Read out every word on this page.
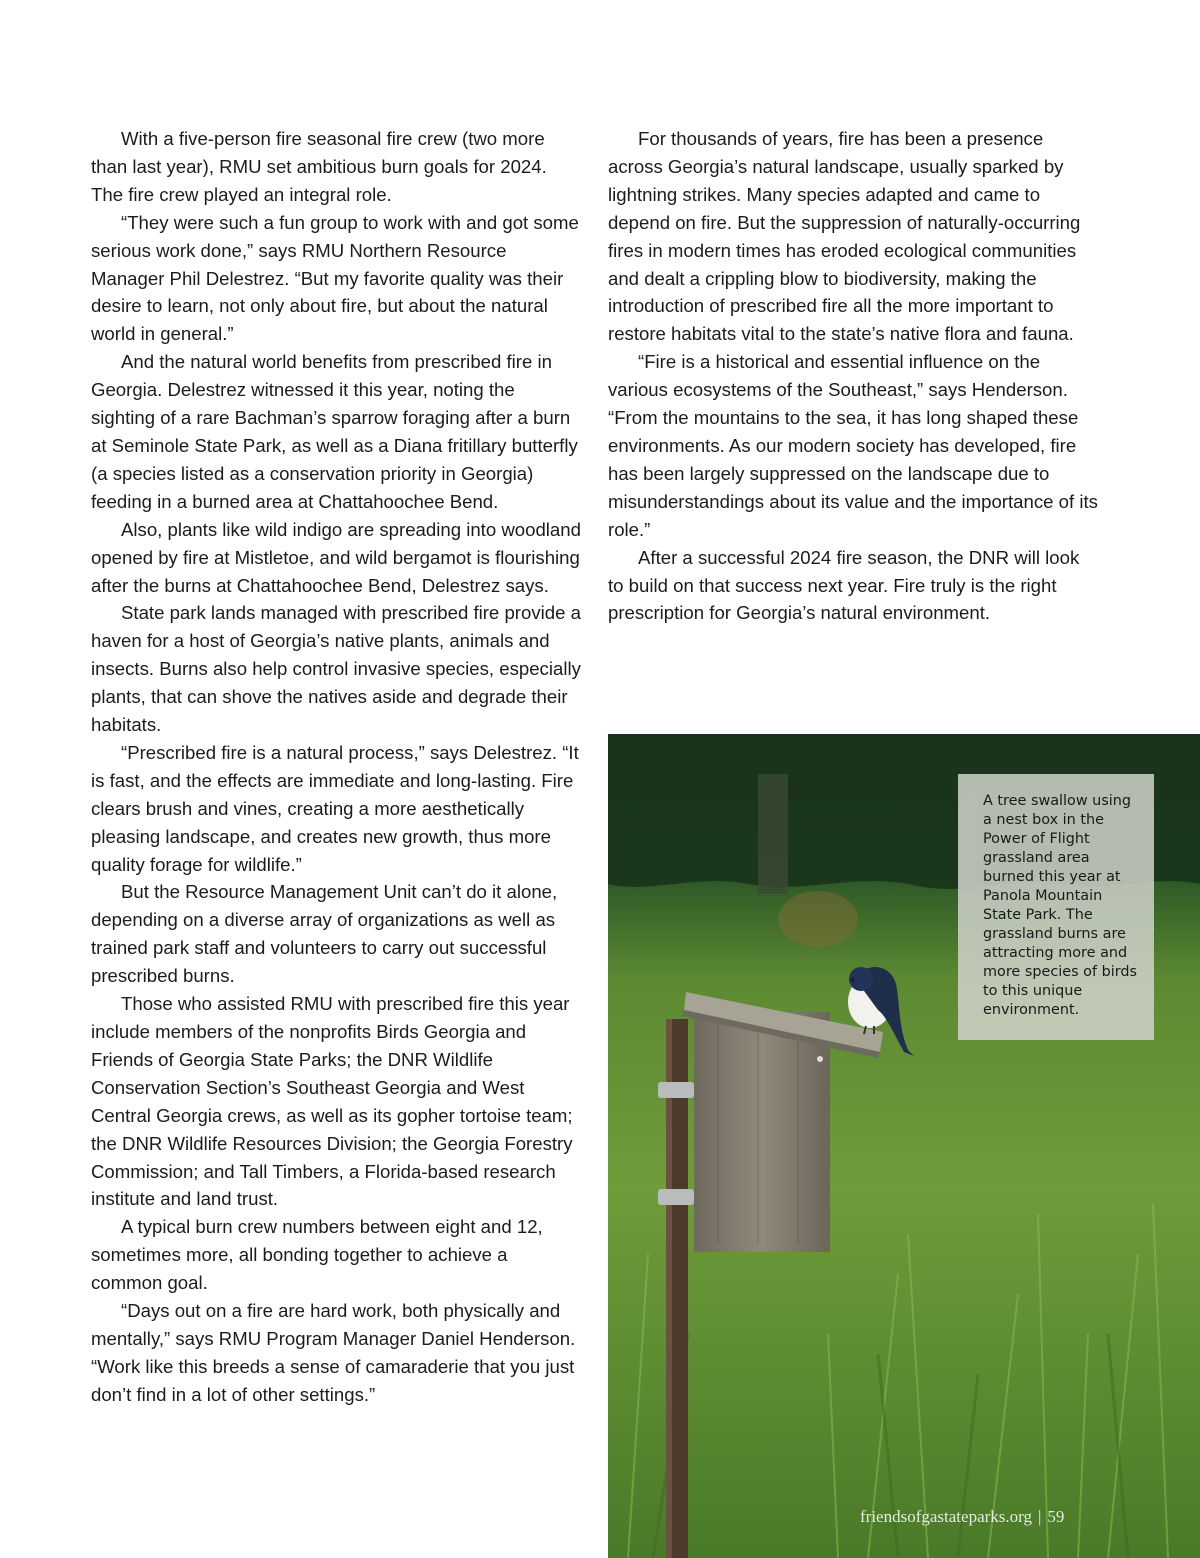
With a five-person fire seasonal fire crew (two more than last year), RMU set ambitious burn goals for 2024. The fire crew played an integral role.

“They were such a fun group to work with and got some serious work done,” says RMU Northern Resource Manager Phil Delestrez. “But my favorite quality was their desire to learn, not only about fire, but about the natural world in general.”

And the natural world benefits from prescribed fire in Georgia. Delestrez witnessed it this year, noting the sighting of a rare Bachman’s sparrow foraging after a burn at Seminole State Park, as well as a Diana fritillary butterfly (a species listed as a conservation priority in Georgia) feeding in a burned area at Chattahoochee Bend.

Also, plants like wild indigo are spreading into woodland opened by fire at Mistletoe, and wild bergamot is flourishing after the burns at Chattahoochee Bend, Delestrez says.

State park lands managed with prescribed fire provide a haven for a host of Georgia’s native plants, animals and insects. Burns also help control invasive species, especially plants, that can shove the natives aside and degrade their habitats.

“Prescribed fire is a natural process,” says Delestrez. “It is fast, and the effects are immediate and long-lasting. Fire clears brush and vines, creating a more aesthetically pleasing landscape, and creates new growth, thus more quality forage for wildlife.”

But the Resource Management Unit can’t do it alone, depending on a diverse array of organizations as well as trained park staff and volunteers to carry out successful prescribed burns.

Those who assisted RMU with prescribed fire this year include members of the nonprofits Birds Georgia and Friends of Georgia State Parks; the DNR Wildlife Conservation Section’s Southeast Georgia and West Central Georgia crews, as well as its gopher tortoise team; the DNR Wildlife Resources Division; the Georgia Forestry Commission; and Tall Timbers, a Florida-based research institute and land trust.

A typical burn crew numbers between eight and 12, sometimes more, all bonding together to achieve a common goal.

“Days out on a fire are hard work, both physically and mentally,” says RMU Program Manager Daniel Henderson. “Work like this breeds a sense of camaraderie that you just don’t find in a lot of other settings.”

For thousands of years, fire has been a presence across Georgia’s natural landscape, usually sparked by lightning strikes. Many species adapted and came to depend on fire. But the suppression of naturally-occurring fires in modern times has eroded ecological communities and dealt a crippling blow to biodiversity, making the introduction of prescribed fire all the more important to restore habitats vital to the state’s native flora and fauna.

“Fire is a historical and essential influence on the various ecosystems of the Southeast,” says Henderson. “From the mountains to the sea, it has long shaped these environments. As our modern society has developed, fire has been largely suppressed on the landscape due to misunderstandings about its value and the importance of its role.”

After a successful 2024 fire season, the DNR will look to build on that success next year. Fire truly is the right prescription for Georgia’s natural environment.

A tree swallow using a nest box in the Power of Flight grassland area burned this year at Panola Mountain State Park. The grassland burns are attracting more and more species of birds to this unique environment.
friendsofgastateparks.org | 59
